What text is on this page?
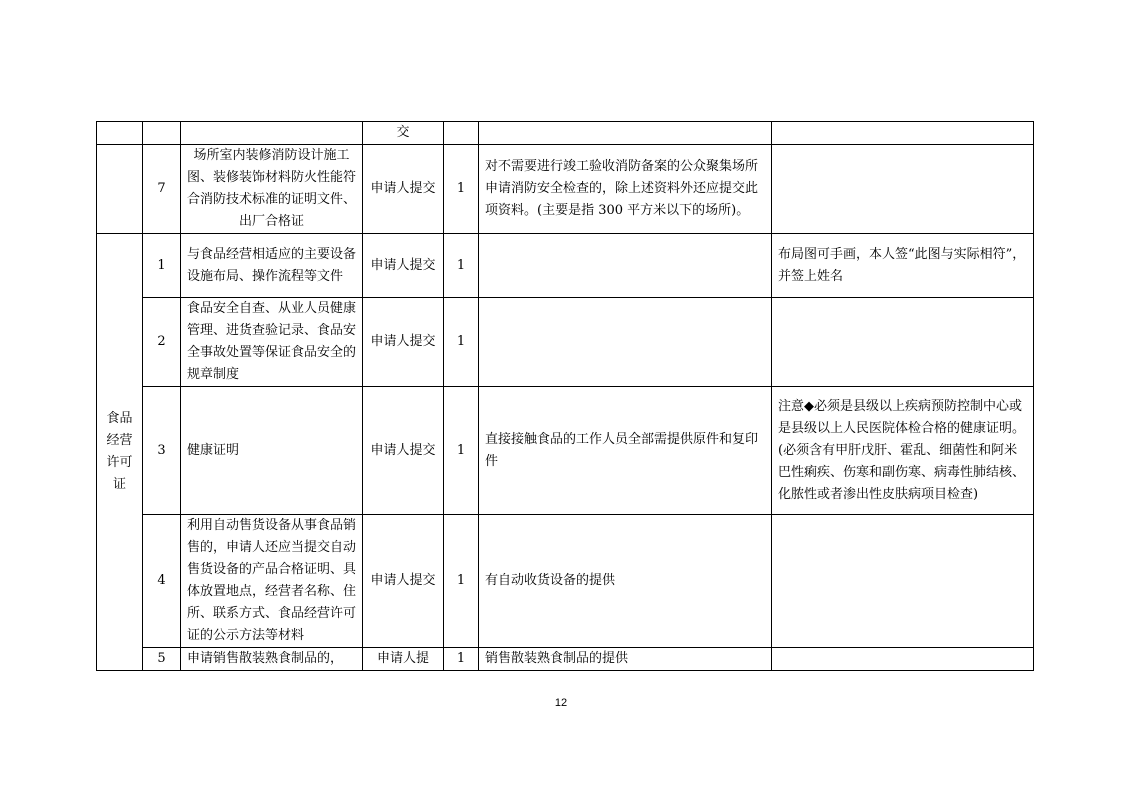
			交			
	7	场所室内装修消防设计施工图、装修装饰材料防火性能符合消防技术标准的证明文件、出厂合格证	申请人提交	1	对不需要进行竣工验收消防备案的公众聚集场所申请消防安全检查的，除上述资料外还应提交此项资料。(主要是指 300 平方米以下的场所)。	
食品经营许可证	1	与食品经营相适应的主要设备设施布局、操作流程等文件	申请人提交	1		布局图可手画，本人签“此图与实际相符”，并签上姓名
	2	食品安全自查、从业人员健康管理、进货查验记录、食品安全事故处置等保证食品安全的规章制度	申请人提交	1		
	3	健康证明	申请人提交	1	直接接触食品的工作人员全部需提供原件和复印件	注意◆必须是县级以上疾病预防控制中心或是县级以上人民医院体检合格的健康证明。(必须含有甲肝戊肝、霍乱、细菌性和阿米巴性痢疾、伤寒和副伤寒、病毒性肺结核、化脓性或者渗出性皮肤病项目检查)
	4	利用自动售货设备从事食品销售的，申请人还应当提交自动售货设备的产品合格证明、具体放置地点，经营者名称、住所、联系方式、食品经营许可证的公示方法等材料	申请人提交	1	有自动收货设备的提供	
	5	申请销售散装熟食制品的，	申请人提	1	销售散装熟食制品的提供	
12
